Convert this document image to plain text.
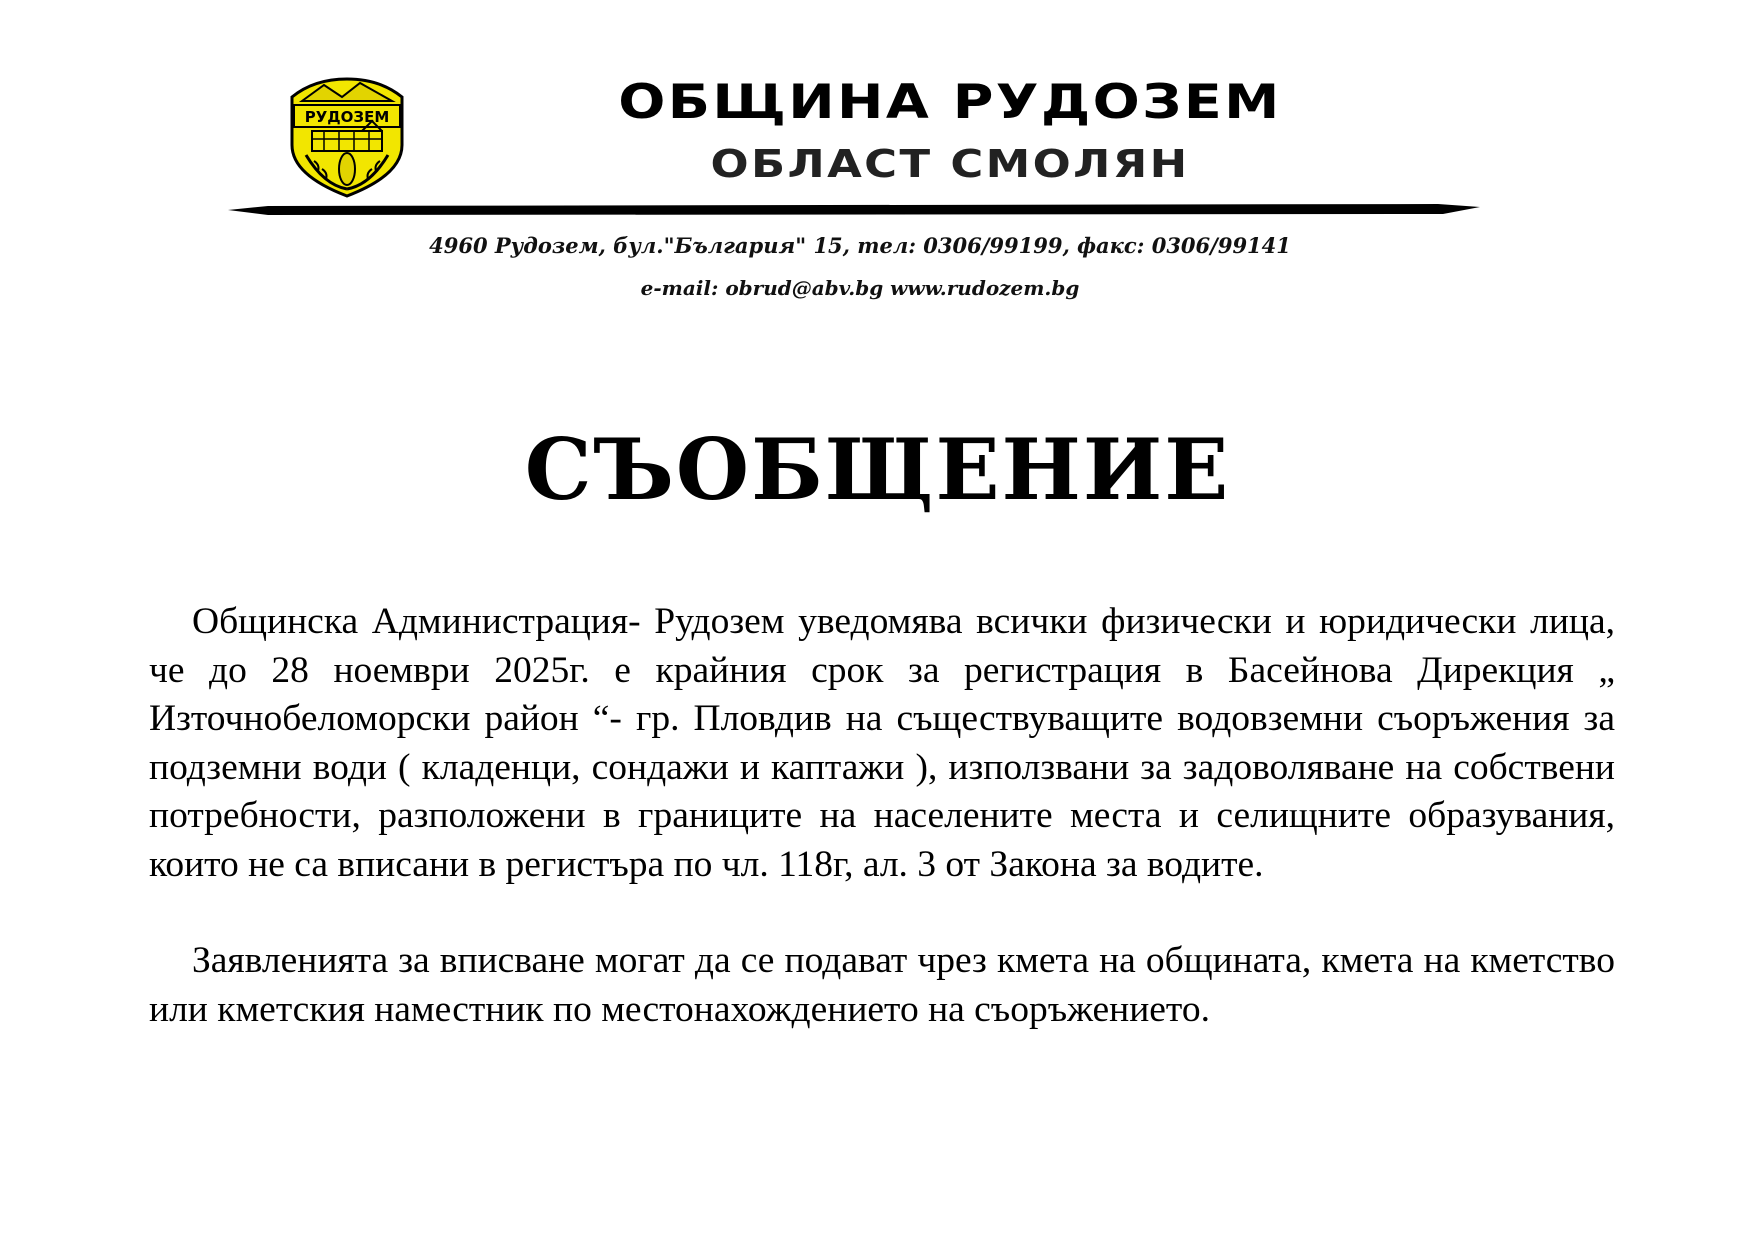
РУДОЗЕМ	ОБЩИНА РУДОЗЕМ
ОБЛАСТ СМОЛЯН
4960 Рудозем, бул."България" 15, тел: 0306/99199, факс: 0306/99141
e-mail: obrud@abv.bg www.rudozem.bg
СЪОБЩЕНИЕ

Общинска Администрация- Рудозем уведомява всички физически и юридически лица, че до 28 ноември 2025г. е крайния срок за регистрация в Басейнова Дирекция „ Източнобеломорски район “- гр. Пловдив на съществуващите водовземни съоръжения за подземни води ( кладенци, сондажи и каптажи ), използвани за задоволяване на собствени потребности, разположени в границите на населените места и селищните образувания, които не са вписани в регистъра по чл. 118г, ал. 3 от Закона за водите.

Заявленията за вписване могат да се подават чрез кмета на общината, кмета на кметство или кметския наместник по местонахождението на съоръжението.
